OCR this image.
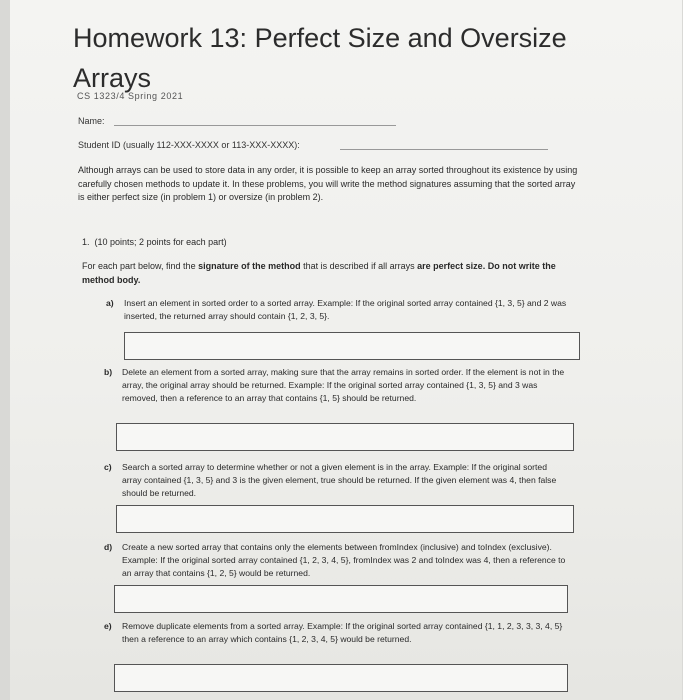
Homework 13: Perfect Size and Oversize Arrays
CS 1323/4 Spring 2021
Name:
Student ID (usually 112-XXX-XXXX or 113-XXX-XXXX):

Although arrays can be used to store data in any order, it is possible to keep an array sorted throughout its existence by using carefully chosen methods to update it. In these problems, you will write the method signatures assuming that the sorted array is either perfect size (in problem 1) or oversize (in problem 2).

1. (10 points; 2 points for each part)

For each part below, find the signature of the method that is described if all arrays are perfect size. Do not write the method body.

a) Insert an element in sorted order to a sorted array. Example: If the original sorted array contained {1, 3, 5} and 2 was inserted, the returned array should contain {1, 2, 3, 5}.

b) Delete an element from a sorted array, making sure that the array remains in sorted order. If the element is not in the array, the original array should be returned. Example: If the original sorted array contained {1, 3, 5} and 3 was removed, then a reference to an array that contains {1, 5} should be returned.

c) Search a sorted array to determine whether or not a given element is in the array. Example: If the original sorted array contained {1, 3, 5} and 3 is the given element, true should be returned. If the given element was 4, then false should be returned.

d) Create a new sorted array that contains only the elements between fromIndex (inclusive) and toIndex (exclusive). Example: If the original sorted array contained {1, 2, 3, 4, 5}, fromIndex was 2 and toIndex was 4, then a reference to an array that contains {1, 2, 5} would be returned.

e) Remove duplicate elements from a sorted array. Example: If the original sorted array contained {1, 1, 2, 3, 3, 3, 4, 5} then a reference to an array which contains {1, 2, 3, 4, 5} would be returned.
